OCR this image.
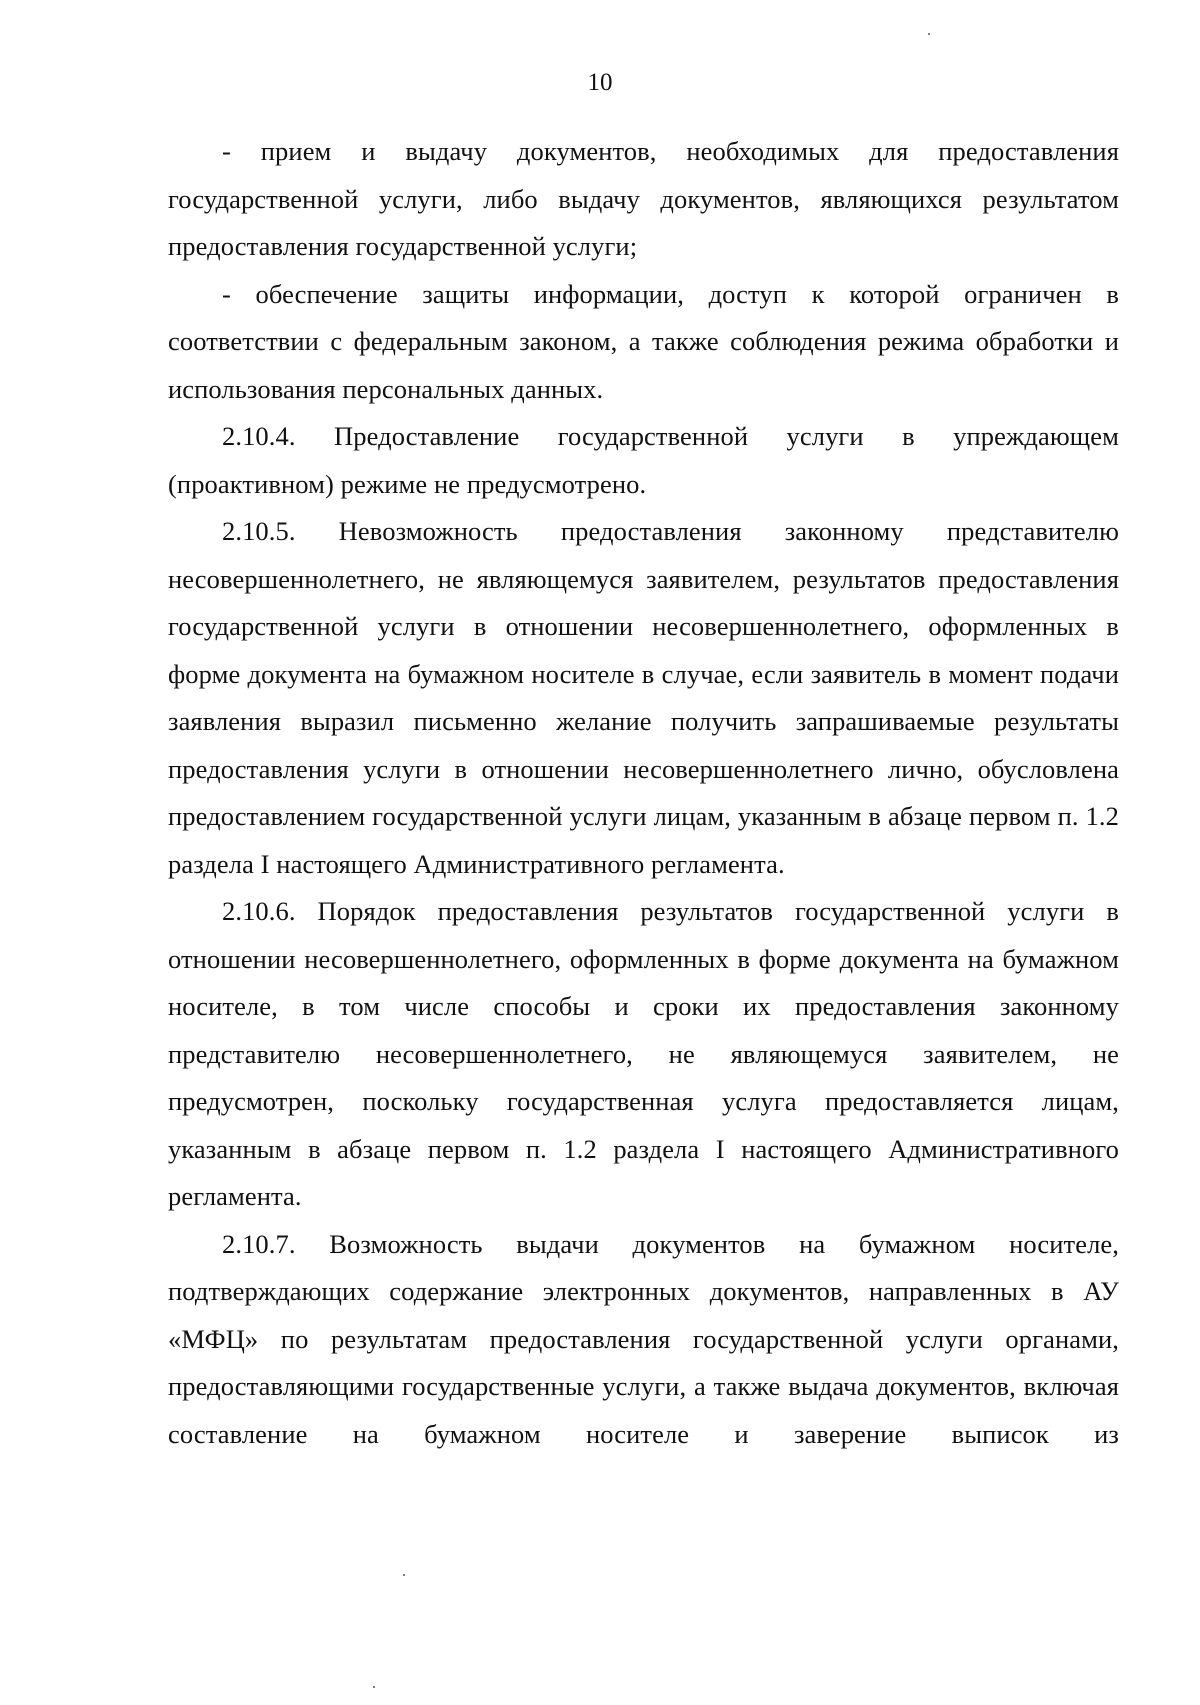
10

- прием и выдачу документов, необходимых для предоставления государственной услуги, либо выдачу документов, являющихся результатом предоставления государственной услуги;

- обеспечение защиты информации, доступ к которой ограничен в соответствии с федеральным законом, а также соблюдения режима обработки и использования персональных данных.

2.10.4. Предоставление государственной услуги в упреждающем (проактивном) режиме не предусмотрено.

2.10.5. Невозможность предоставления законному представителю несовершеннолетнего, не являющемуся заявителем, результатов предоставления государственной услуги в отношении несовершеннолетнего, оформленных в форме документа на бумажном носителе в случае, если заявитель в момент подачи заявления выразил письменно желание получить запрашиваемые результаты предоставления услуги в отношении несовершеннолетнего лично, обусловлена предоставлением государственной услуги лицам, указанным в абзаце первом п. 1.2 раздела I настоящего Административного регламента.

2.10.6. Порядок предоставления результатов государственной услуги в отношении несовершеннолетнего, оформленных в форме документа на бумажном носителе, в том числе способы и сроки их предоставления законному представителю несовершеннолетнего, не являющемуся заявителем, не предусмотрен, поскольку государственная услуга предоставляется лицам, указанным в абзаце первом п. 1.2 раздела I настоящего Административного регламента.

2.10.7. Возможность выдачи документов на бумажном носителе, подтверждающих содержание электронных документов, направленных в АУ «МФЦ» по результатам предоставления государственной услуги органами, предоставляющими государственные услуги, а также выдача документов, включая составление на бумажном носителе и заверение выписок из
